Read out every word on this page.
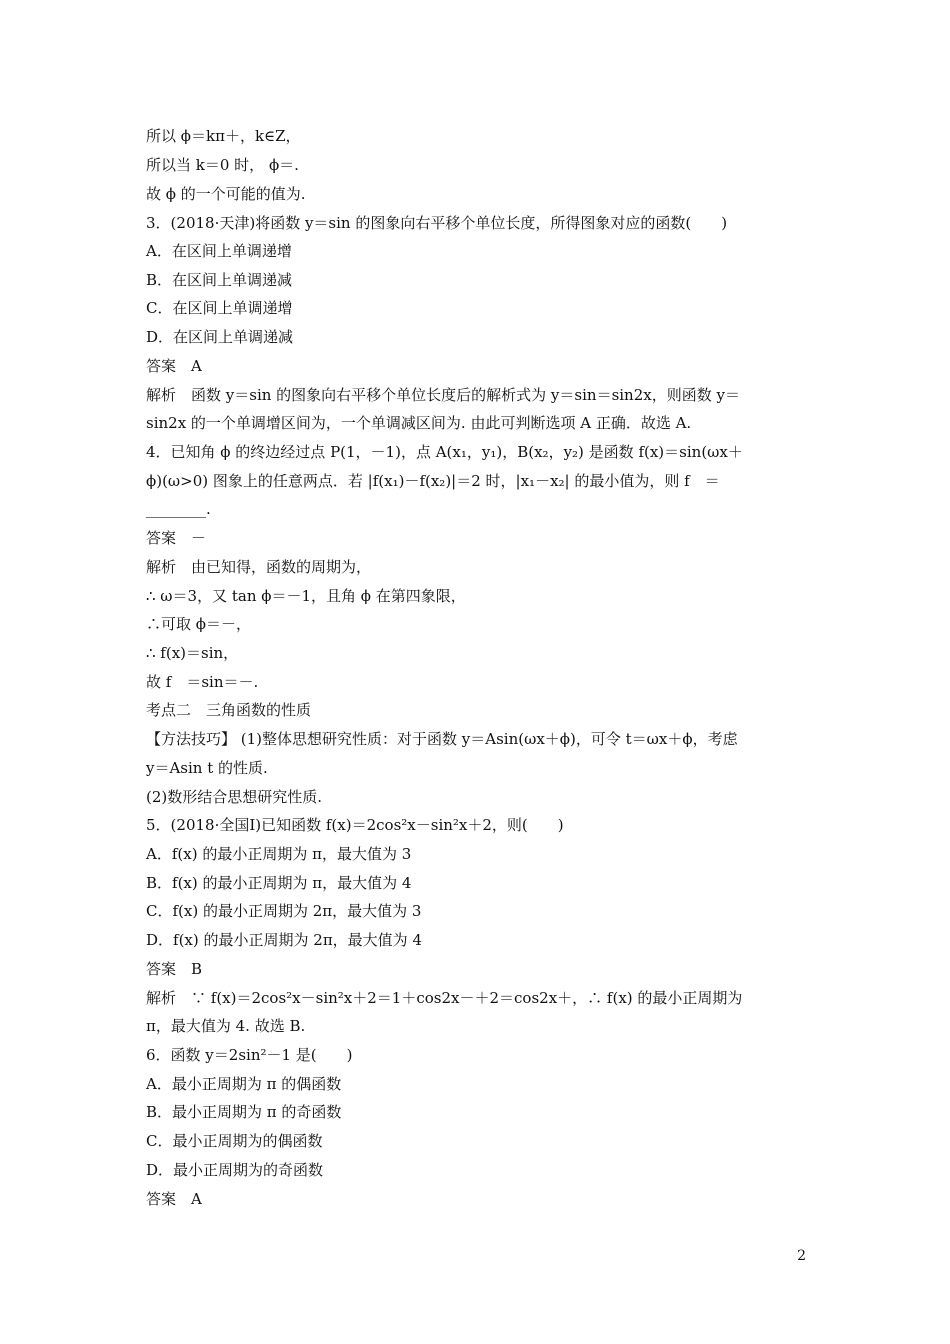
所以 ϕ＝kπ＋，k∈Z，
所以当 k＝0 时， ϕ＝.
故 ϕ 的一个可能的值为.
3．(2018·天津)将函数 y＝sin 的图象向右平移个单位长度，所得图象对应的函数(　　)
A．在区间上单调递增
B．在区间上单调递减
C．在区间上单调递增
D．在区间上单调递减
答案　A
解析　函数 y＝sin 的图象向右平移个单位长度后的解析式为 y＝sin＝sin2x，则函数 y＝
sin2x 的一个单调增区间为，一个单调减区间为. 由此可判断选项 A 正确．故选 A.
4．已知角 ϕ 的终边经过点 P(1，－1)，点 A(x₁，y₁)，B(x₂，y₂) 是函数 f(x)＝sin(ωx＋
ϕ)(ω>0) 图象上的任意两点．若 |f(x₁)－f(x₂)|＝2 时，|x₁－x₂| 的最小值为，则 f　＝
________.
答案　－
解析　由已知得，函数的周期为，
∴ ω＝3，又 tan ϕ＝－1，且角 ϕ 在第四象限，
∴可取 ϕ＝－，
∴ f(x)＝sin，
故 f　＝sin＝－.
考点二　三角函数的性质
【方法技巧】 (1)整体思想研究性质：对于函数 y＝Asin(ωx＋ϕ)，可令 t＝ωx＋ϕ，考虑
y＝Asin t 的性质.
(2)数形结合思想研究性质.
5．(2018·全国Ⅰ)已知函数 f(x)＝2cos²x－sin²x＋2，则(　　)
A．f(x) 的最小正周期为 π，最大值为 3
B．f(x) 的最小正周期为 π，最大值为 4
C．f(x) 的最小正周期为 2π，最大值为 3
D．f(x) 的最小正周期为 2π，最大值为 4
答案　B
解析　∵ f(x)＝2cos²x－sin²x＋2＝1＋cos2x－＋2＝cos2x＋，∴ f(x) 的最小正周期为
π，最大值为 4. 故选 B.
6．函数 y＝2sin²－1 是(　　)
A．最小正周期为 π 的偶函数
B．最小正周期为 π 的奇函数
C．最小正周期为的偶函数
D．最小正周期为的奇函数
答案　A
2
